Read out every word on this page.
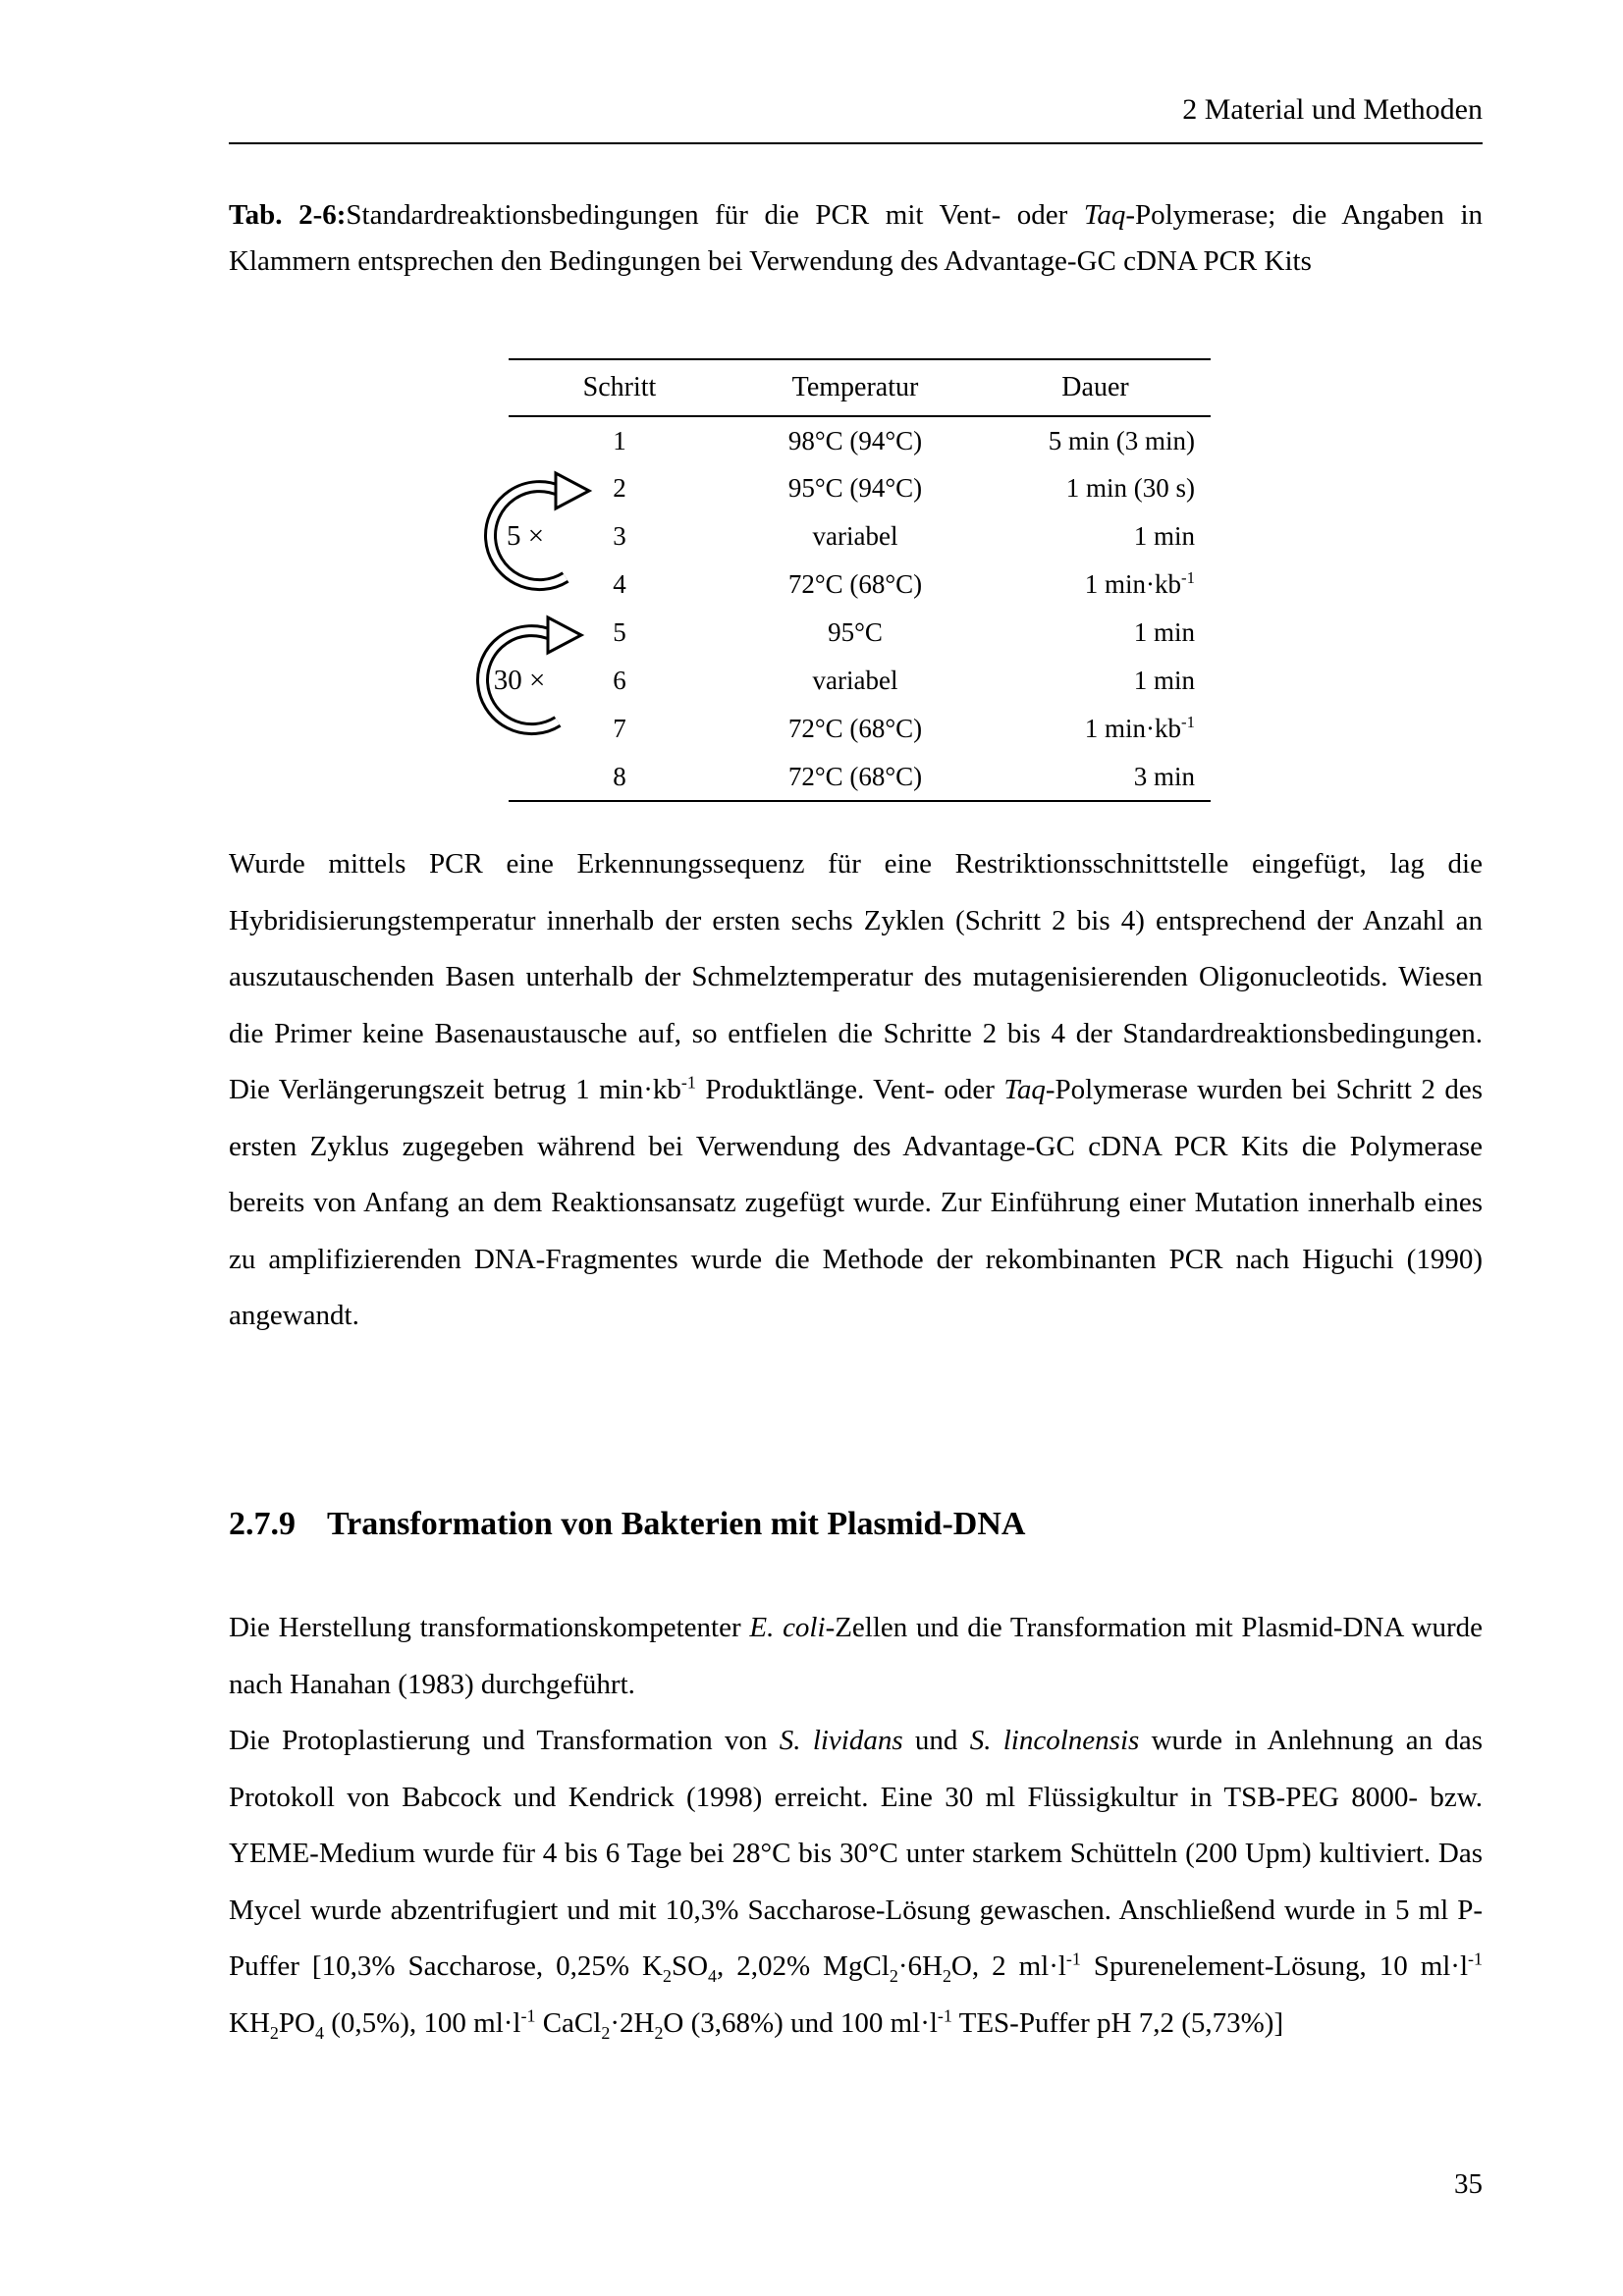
2 Material und Methoden
Tab. 2-6:Standardreaktionsbedingungen für die PCR mit Vent- oder Taq-Polymerase; die Angaben in Klammern entsprechen den Bedingungen bei Verwendung des Advantage-GC cDNA PCR Kits
Schritt	Temperatur	Dauer
1	98°C (94°C)	5 min (3 min)
2	95°C (94°C)	1 min (30 s)
3	variabel	1 min
4	72°C (68°C)	1 $\min\cdot kb^{-1}$
5	95°C	1 min
6	variabel	1 min
7	72°C (68°C)	1 $\min\cdot kb^{-1}$
8	72°C (68°C)	3 min
5 ×
30 ×
Wurde mittels PCR eine Erkennungssequenz für eine Restriktionsschnittstelle eingefügt, lag die Hybridisierungstemperatur innerhalb der ersten sechs Zyklen (Schritt 2 bis 4) entsprechend der Anzahl an auszutauschenden Basen unterhalb der Schmelztemperatur des mutagenisierenden Oligonucleotids. Wiesen die Primer keine Basenaustausche auf, so entfielen die Schritte 2 bis 4 der Standardreaktionsbedingungen. Die Verlängerungszeit betrug 1 $\min\cdot kb^{-1}$ Produktlänge. Vent- oder Taq-Polymerase wurden bei Schritt 2 des ersten Zyklus zugegeben während bei Verwendung des Advantage-GC cDNA PCR Kits die Polymerase bereits von Anfang an dem Reaktionsansatz zugefügt wurde. Zur Einführung einer Mutation innerhalb eines zu amplifizierenden DNA-Fragmentes wurde die Methode der rekombinanten PCR nach Higuchi (1990) angewandt.
2.7.9 Transformation von Bakterien mit Plasmid-DNA

Die Herstellung transformationskompetenter E. coli-Zellen und die Transformation mit Plasmid-DNA wurde nach Hanahan (1983) durchgeführt.

Die Protoplastierung und Transformation von S. lividans und S. lincolnensis wurde in Anlehnung an das Protokoll von Babcock und Kendrick (1998) erreicht. Eine 30 ml Flüssigkultur in TSB-PEG 8000- bzw. YEME-Medium wurde für 4 bis 6 Tage bei 28°C bis 30°C unter starkem Schütteln (200 Upm) kultiviert. Das Mycel wurde abzentrifugiert und mit 10,3% Saccharose-Lösung gewaschen. Anschließend wurde in 5 ml P-Puffer [10,3% Saccharose, 0,25% $K_2SO_4$, 2,02% $MgCl_2\cdot 6H_2O$, 2 $ml\cdot l^{-1}$ Spurenelement-Lösung, 10 $ml\cdot l^{-1}$ $KH_2PO_4$ (0,5%), 100 $ml\cdot l^{-1}$ $CaCl_2\cdot 2H_2O$ (3,68%) und 100 $ml\cdot l^{-1}$ TES-Puffer pH 7,2 (5,73%)]

35
